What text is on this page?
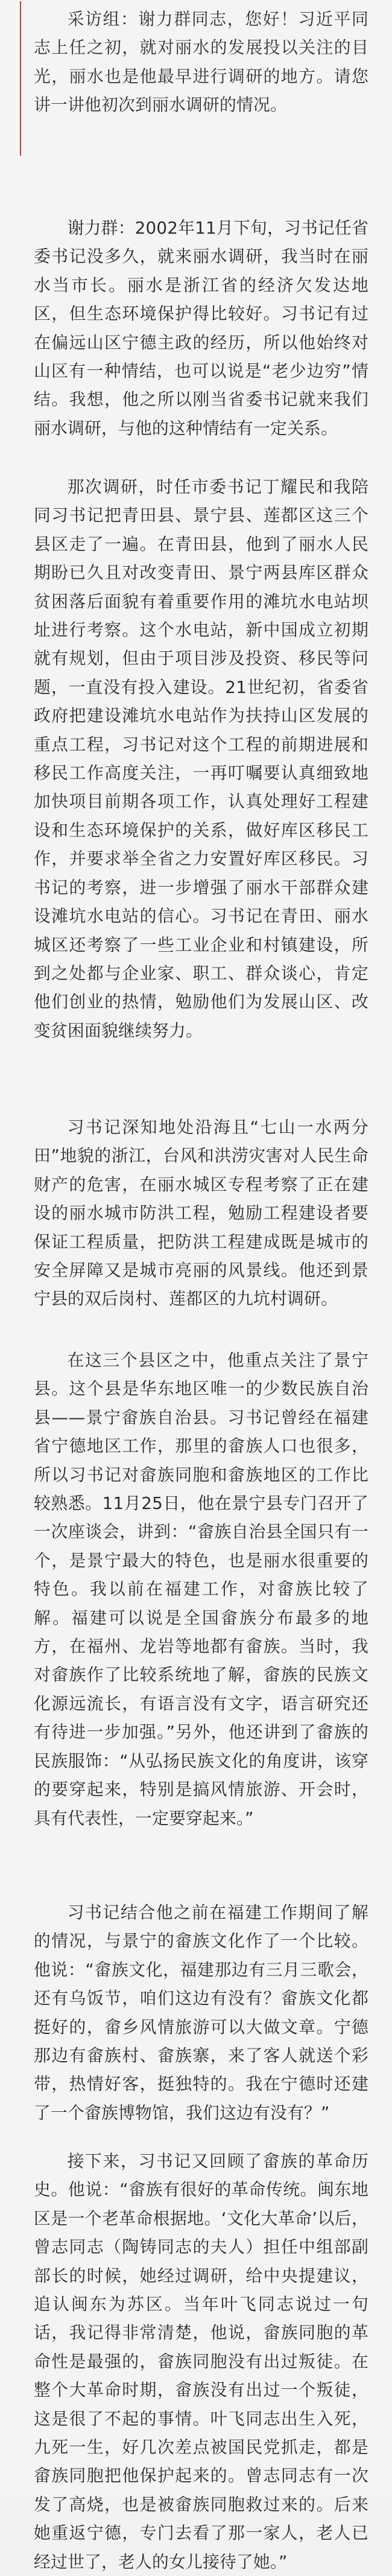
采访组：谢力群同志，您好！习近平同志上任之初，就对丽水的发展投以关注的目光，丽水也是他最早进行调研的地方。请您讲一讲他初次到丽水调研的情况。

谢力群：2002年11月下旬，习书记任省委书记没多久，就来丽水调研，我当时在丽水当市长。丽水是浙江省的经济欠发达地区，但生态环境保护得比较好。习书记有过在偏远山区宁德主政的经历，所以他始终对山区有一种情结，也可以说是“老少边穷”情结。我想，他之所以刚当省委书记就来我们丽水调研，与他的这种情结有一定关系。

那次调研，时任市委书记丁耀民和我陪同习书记把青田县、景宁县、莲都区这三个县区走了一遍。在青田县，他到了丽水人民期盼已久且对改变青田、景宁两县库区群众贫困落后面貌有着重要作用的滩坑水电站坝址进行考察。这个水电站，新中国成立初期就有规划，但由于项目涉及投资、移民等问题，一直没有投入建设。21世纪初，省委省政府把建设滩坑水电站作为扶持山区发展的重点工程，习书记对这个工程的前期进展和移民工作高度关注，一再叮嘱要认真细致地加快项目前期各项工作，认真处理好工程建设和生态环境保护的关系，做好库区移民工作，并要求举全省之力安置好库区移民。习书记的考察，进一步增强了丽水干部群众建设滩坑水电站的信心。习书记在青田、丽水城区还考察了一些工业企业和村镇建设，所到之处都与企业家、职工、群众谈心，肯定他们创业的热情，勉励他们为发展山区、改变贫困面貌继续努力。

习书记深知地处沿海且“七山一水两分田”地貌的浙江，台风和洪涝灾害对人民生命财产的危害，在丽水城区专程考察了正在建设的丽水城市防洪工程，勉励工程建设者要保证工程质量，把防洪工程建成既是城市的安全屏障又是城市亮丽的风景线。他还到景宁县的双后岗村、莲都区的九坑村调研。

在这三个县区之中，他重点关注了景宁县。这个县是华东地区唯一的少数民族自治县——景宁畲族自治县。习书记曾经在福建省宁德地区工作，那里的畲族人口也很多，所以习书记对畲族同胞和畲族地区的工作比较熟悉。11月25日，他在景宁县专门召开了一次座谈会，讲到：“畲族自治县全国只有一个，是景宁最大的特色，也是丽水很重要的特色。我以前在福建工作，对畲族比较了解。福建可以说是全国畲族分布最多的地方，在福州、龙岩等地都有畲族。当时，我对畲族作了比较系统地了解，畲族的民族文化源远流长，有语言没有文字，语言研究还有待进一步加强。”另外，他还讲到了畲族的民族服饰：“从弘扬民族文化的角度讲，该穿的要穿起来，特别是搞风情旅游、开会时，具有代表性，一定要穿起来。”

习书记结合他之前在福建工作期间了解的情况，与景宁的畲族文化作了一个比较。他说：“畲族文化，福建那边有三月三歌会，还有乌饭节，咱们这边有没有？畲族文化都挺好的，畲乡风情旅游可以大做文章。宁德那边有畲族村、畲族寨，来了客人就送个彩带，热情好客，挺独特的。我在宁德时还建了一个畲族博物馆，我们这边有没有？”

接下来，习书记又回顾了畲族的革命历史。他说：“畲族有很好的革命传统。闽东地区是一个老革命根据地。‘文化大革命’以后，曾志同志（陶铸同志的夫人）担任中组部副部长的时候，她经过调研，给中央提建议，追认闽东为苏区。当年叶飞同志说过一句话，我记得非常清楚，他说，畲族同胞的革命性是最强的，畲族同胞没有出过叛徒。在整个大革命时期，畲族没有出过一个叛徒，这是很了不起的事情。叶飞同志出生入死，九死一生，好几次差点被国民党抓走，都是畲族同胞把他保护起来的。曾志同志有一次发了高烧，也是被畲族同胞救过来的。后来她重返宁德，专门去看了那一家人，老人已经过世了，老人的女儿接待了她。”
